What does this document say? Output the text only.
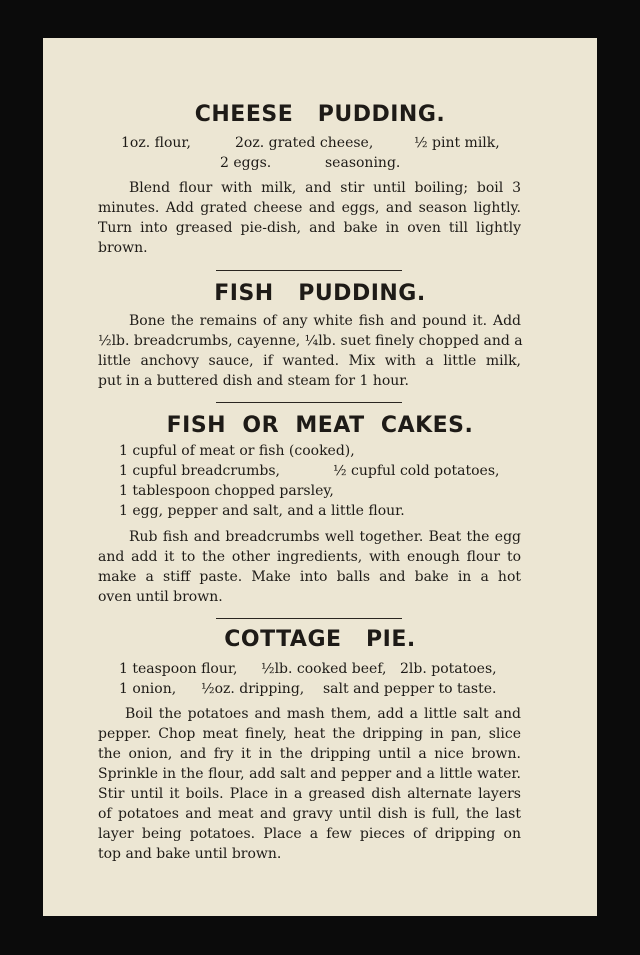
CHEESE   PUDDING.

1oz. flour,	2oz. grated cheese,	½ pint milk,

2 eggs.	seasoning.

Blend flour with milk, and stir until boiling; boil 3

minutes. Add grated cheese and eggs, and season lightly.

Turn into greased pie-dish, and bake in oven till lightly

brown.

FISH   PUDDING.

Bone the remains of any white fish and pound it. Add

½lb. breadcrumbs, cayenne, ¼lb. suet finely chopped and a

little anchovy sauce, if wanted. Mix with a little milk,

put in a buttered dish and steam for 1 hour.

FISH  OR  MEAT  CAKES.

1 cupful of meat or fish (cooked),

1 cupful breadcrumbs,	½ cupful cold potatoes,

1 tablespoon chopped parsley,

1 egg, pepper and salt, and a little flour.

Rub fish and breadcrumbs well together. Beat the egg

and add it to the other ingredients, with enough flour to

make a stiff paste. Make into balls and bake in a hot

oven until brown.

COTTAGE   PIE.

1 teaspoon flour, ½lb. cooked beef, 2lb. potatoes,

1 onion, ½oz. dripping, salt and pepper to taste.

Boil the potatoes and mash them, add a little salt and

pepper. Chop meat finely, heat the dripping in pan, slice

the onion, and fry it in the dripping until a nice brown.

Sprinkle in the flour, add salt and pepper and a little water.

Stir until it boils. Place in a greased dish alternate layers

of potatoes and meat and gravy until dish is full, the last

layer being potatoes. Place a few pieces of dripping on

top and bake until brown.
